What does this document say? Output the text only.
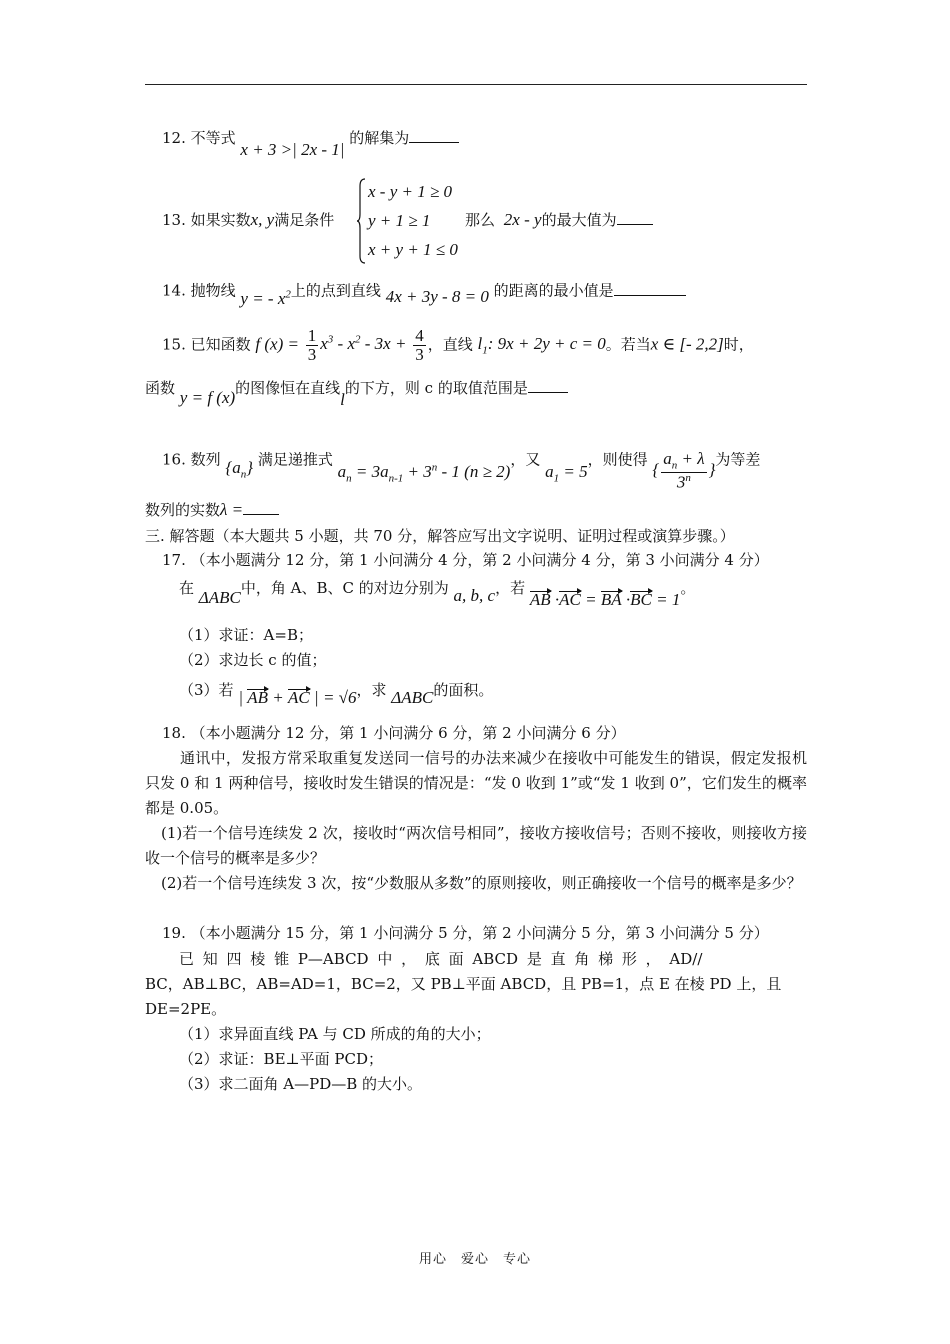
12. 不等式 x + 3 >| 2x - 1| 的解集为
13. 如果实数x, y满足条件
x - y + 1 ≥ 0
y + 1 ≥ 1
x + y + 1 ≤ 0
那么 2x - y的最大值为
14. 抛物线 y = - $x^2$上的点到直线 4x + 3y - 8 = 0 的距离的最小值是
15. 已知函数 f $(x) = \frac{1}{3} x^3 - x^2 - 3x + \frac{4}{3}$ ，直线 $l_1$: 9x + 2y + c = 0。若当x ∈ [- 2,2]时，
函数 y = f (x)的图像恒在直线l的下方，则 c 的取值范围是
16. 数列 $\{a_n\}$ 满足递推式 $a_n = 3a_{n-1} + 3^n - 1$ (n ≥ 2)，又 $a_1 = 5$，则使得 { $\frac{a_n + \lambda}{3^n}$ }为等差
数列的实数λ =
三. 解答题（本大题共 5 小题，共 70 分，解答应写出文字说明、证明过程或演算步骤。）
17. （本小题满分 12 分，第 1 小问满分 4 分，第 2 小问满分 4 分，第 3 小问满分 4 分）
在 ΔABC中，角 A、B、C 的对边分别为 a, b, c，若 AB ·AC = BA ·BC = 1。
（1）求证：A=B；
（2）求边长 c 的值；
（3）若 | AB + AC | = √6，求 ΔABC的面积。
18. （本小题满分 12 分，第 1 小问满分 6 分，第 2 小问满分 6 分）
通讯中，发报方常采取重复发送同一信号的办法来减少在接收中可能发生的错误，假定发报机只发 0 和 1 两种信号，接收时发生错误的情况是：“发 0 收到 1”或“发 1 收到 0”，它们发生的概率都是 0.05。
(1)若一个信号连续发 2 次，接收时“两次信号相同”，接收方接收信号；否则不接收，则接收方接收一个信号的概率是多少？
(2)若一个信号连续发 3 次，按“少数服从多数”的原则接收，则正确接收一个信号的概率是多少？
19. （本小题满分 15 分，第 1 小问满分 5 分，第 2 小问满分 5 分，第 3 小问满分 5 分）
已 知 四 棱 锥 P—ABCD 中 ， 底 面 ABCD 是 直 角 梯 形 ， AD//
BC，AB⊥BC，AB=AD=1，BC=2，又 PB⊥平面 ABCD，且 PB=1，点 E 在棱 PD 上，且
DE=2PE。
（1）求异面直线 PA 与 CD 所成的角的大小；
（2）求证：BE⊥平面 PCD；
（3）求二面角 A—PD—B 的大小。
用心　爱心　专心
